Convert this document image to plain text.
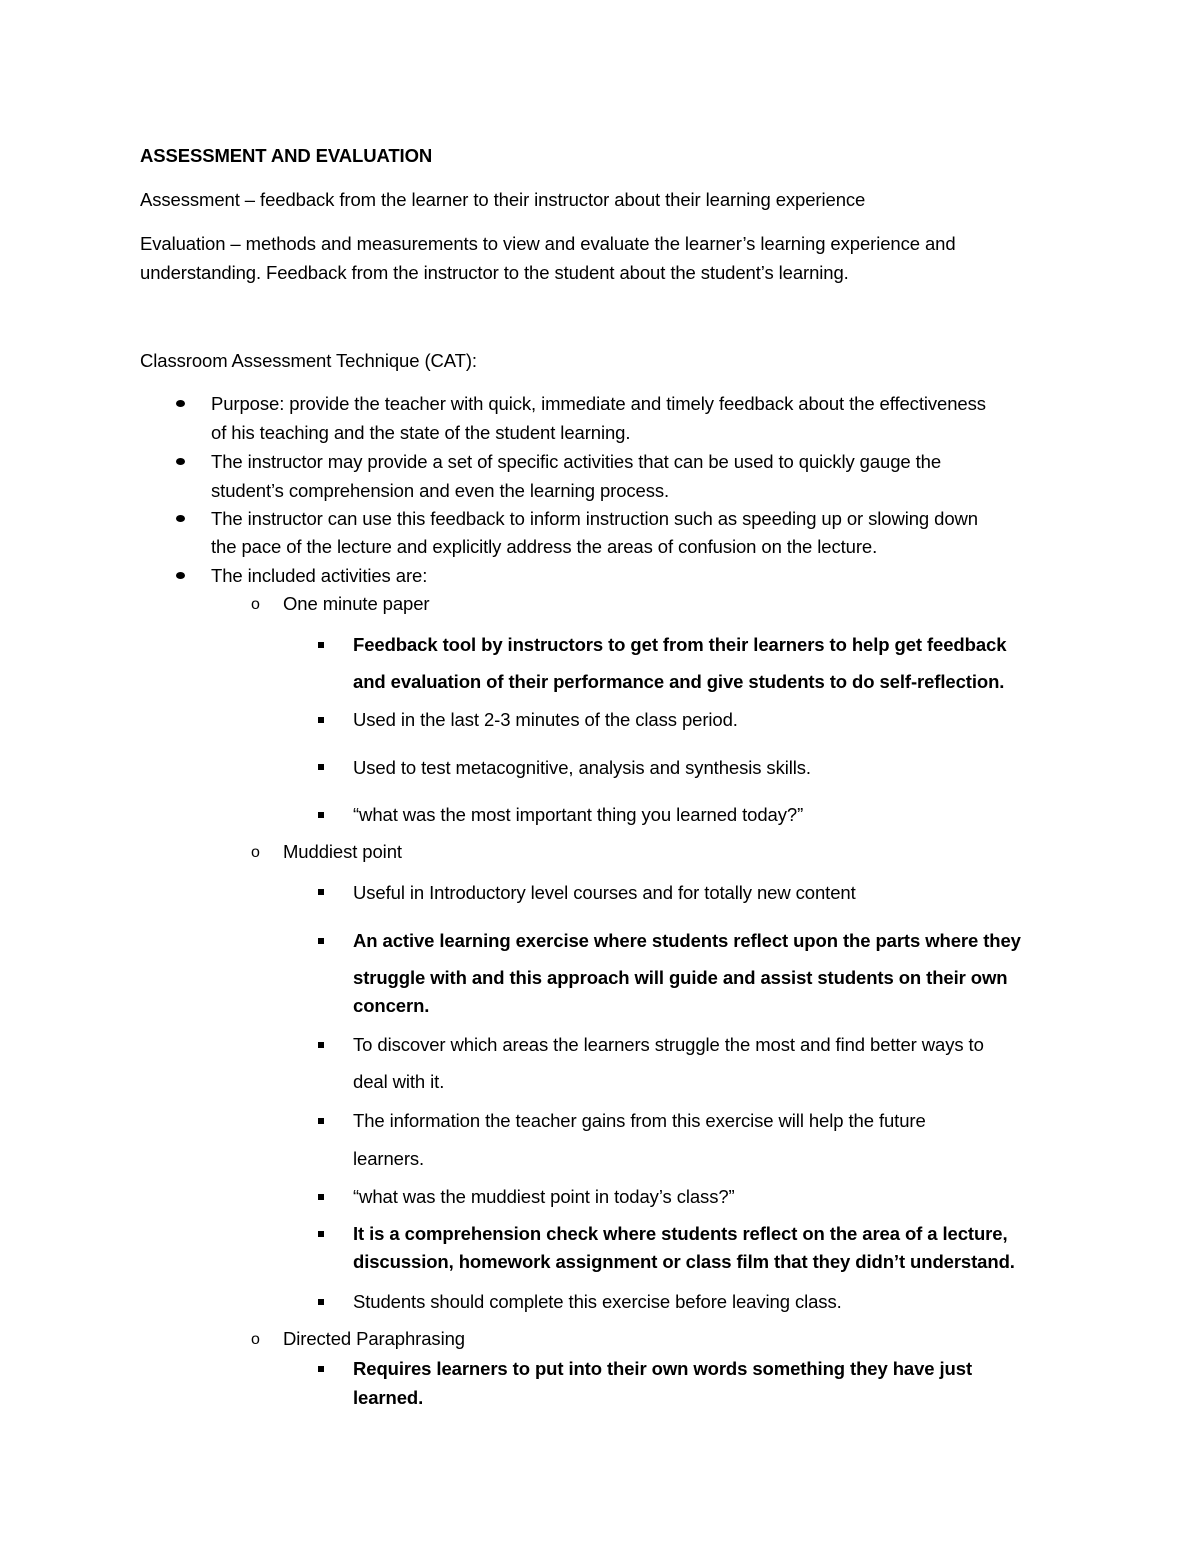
ASSESSMENT AND EVALUATION
Assessment – feedback from the learner to their instructor about their learning experience
Evaluation – methods and measurements to view and evaluate the learner’s learning experience and
understanding. Feedback from the instructor to the student about the student’s learning.
Classroom Assessment Technique (CAT):
Purpose: provide the teacher with quick, immediate and timely feedback about the effectiveness
of his teaching and the state of the student learning.
The instructor may provide a set of specific activities that can be used to quickly gauge the
student’s comprehension and even the learning process.
The instructor can use this feedback to inform instruction such as speeding up or slowing down
the pace of the lecture and explicitly address the areas of confusion on the lecture.
The included activities are:
o One minute paper
Feedback tool by instructors to get from their learners to help get feedback
and evaluation of their performance and give students to do self-reflection.
Used in the last 2-3 minutes of the class period.
Used to test metacognitive, analysis and synthesis skills.
“what was the most important thing you learned today?”
o Muddiest point
Useful in Introductory level courses and for totally new content
An active learning exercise where students reflect upon the parts where they
struggle with and this approach will guide and assist students on their own
concern.
To discover which areas the learners struggle the most and find better ways to
deal with it.
The information the teacher gains from this exercise will help the future
learners.
“what was the muddiest point in today’s class?”
It is a comprehension check where students reflect on the area of a lecture,
discussion, homework assignment or class film that they didn’t understand.
Students should complete this exercise before leaving class.
o Directed Paraphrasing
Requires learners to put into their own words something they have just
learned.
